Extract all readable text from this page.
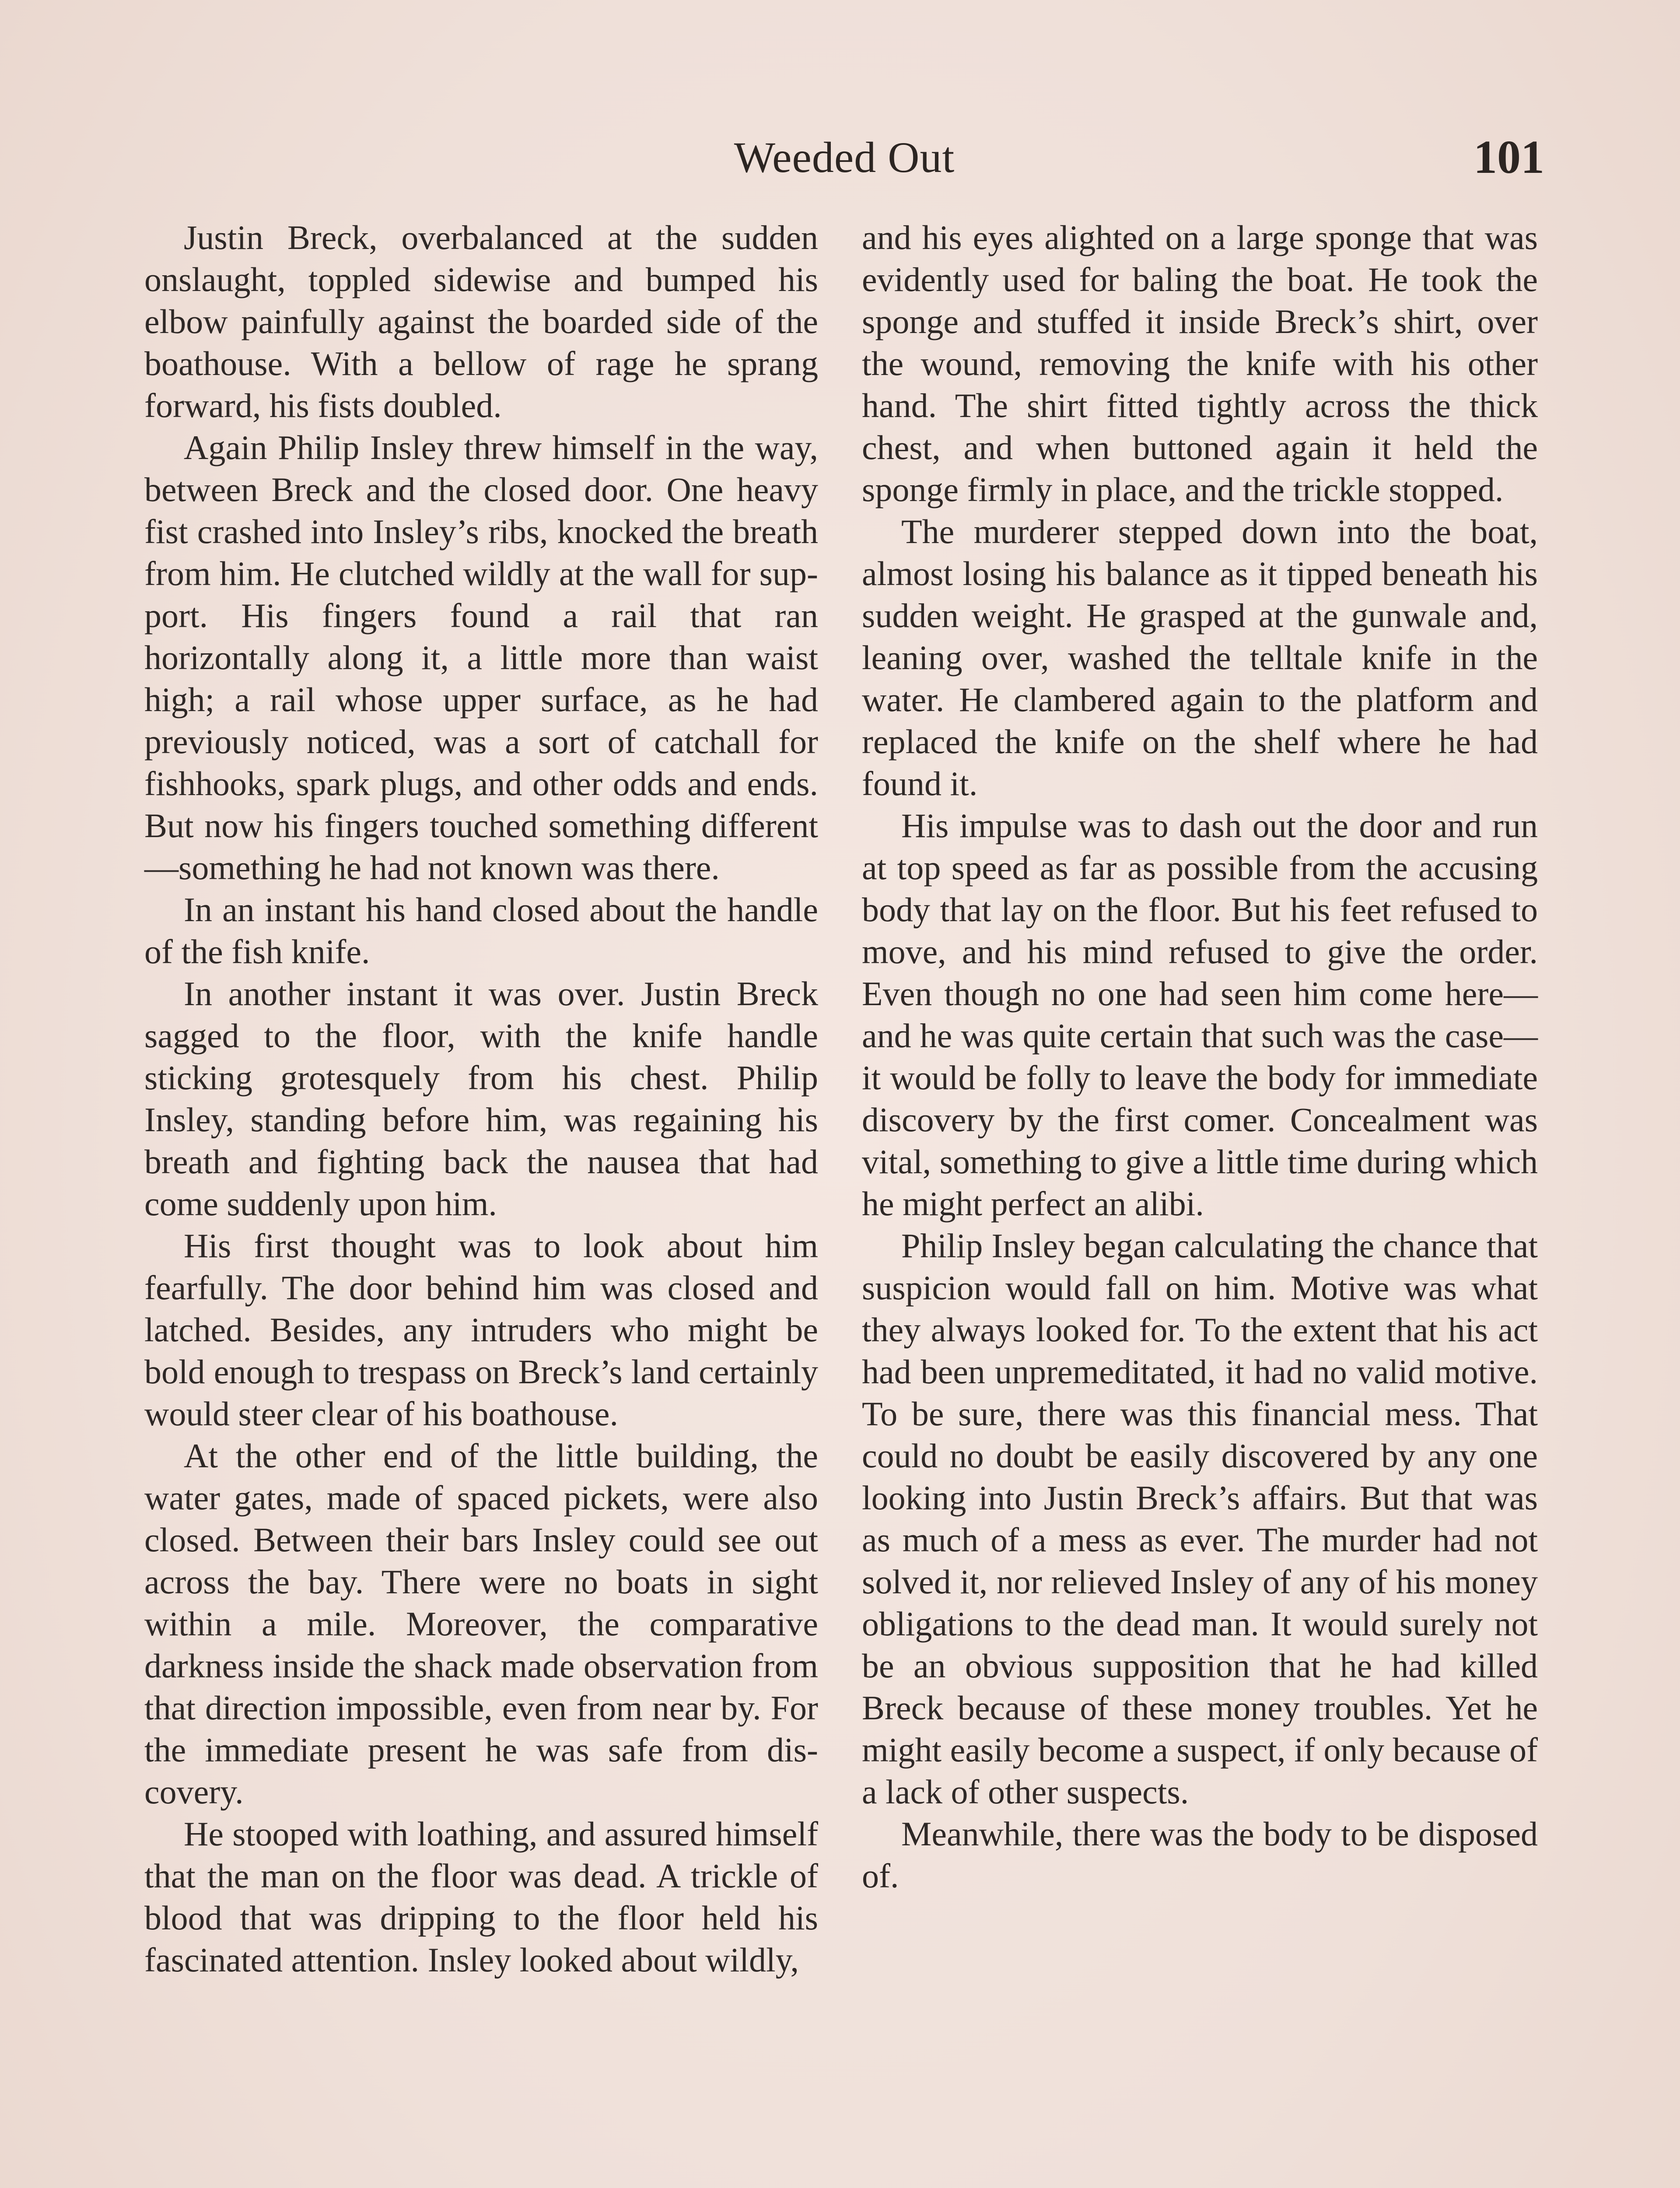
Weeded Out	101

Justin Breck, overbalanced at the sudden onslaught, toppled sidewise and bumped his elbow painfully against the boarded side of the boathouse. With a bellow of rage he sprang forward, his fists doubled.

Again Philip Insley threw himself in the way, between Breck and the closed door. One heavy fist crashed into Insley’s ribs, knocked the breath from him. He clutched wildly at the wall for support. His fingers found a rail that ran horizontally along it, a little more than waist high; a rail whose upper surface, as he had previously noticed, was a sort of catchall for fishhooks, spark plugs, and other odds and ends. But now his fingers touched something different—something he had not known was there.

In an instant his hand closed about the handle of the fish knife.

In another instant it was over. Justin Breck sagged to the floor, with the knife handle sticking grotesquely from his chest. Philip Insley, standing before him, was regaining his breath and fighting back the nausea that had come suddenly upon him.

His first thought was to look about him fearfully. The door behind him was closed and latched. Besides, any intruders who might be bold enough to trespass on Breck’s land certainly would steer clear of his boathouse.

At the other end of the little building, the water gates, made of spaced pickets, were also closed. Between their bars Insley could see out across the bay. There were no boats in sight within a mile. Moreover, the comparative darkness inside the shack made observation from that direction impossible, even from near by. For the immediate present he was safe from discovery.

He stooped with loathing, and assured himself that the man on the floor was dead. A trickle of blood that was dripping to the floor held his fascinated attention. Insley looked about wildly,

and his eyes alighted on a large sponge that was evidently used for baling the boat. He took the sponge and stuffed it inside Breck’s shirt, over the wound, removing the knife with his other hand. The shirt fitted tightly across the thick chest, and when buttoned again it held the sponge firmly in place, and the trickle stopped.

The murderer stepped down into the boat, almost losing his balance as it tipped beneath his sudden weight. He grasped at the gunwale and, leaning over, washed the telltale knife in the water. He clambered again to the platform and replaced the knife on the shelf where he had found it.

His impulse was to dash out the door and run at top speed as far as possible from the accusing body that lay on the floor. But his feet refused to move, and his mind refused to give the order. Even though no one had seen him come here—and he was quite certain that such was the case—it would be folly to leave the body for immediate discovery by the first comer. Concealment was vital, something to give a little time during which he might perfect an alibi.

Philip Insley began calculating the chance that suspicion would fall on him. Motive was what they always looked for. To the extent that his act had been unpremeditated, it had no valid motive. To be sure, there was this financial mess. That could no doubt be easily discovered by any one looking into Justin Breck’s affairs. But that was as much of a mess as ever. The murder had not solved it, nor relieved Insley of any of his money obligations to the dead man. It would surely not be an obvious supposition that he had killed Breck because of these money troubles. Yet he might easily become a suspect, if only because of a lack of other suspects.

Meanwhile, there was the body to be disposed of.
